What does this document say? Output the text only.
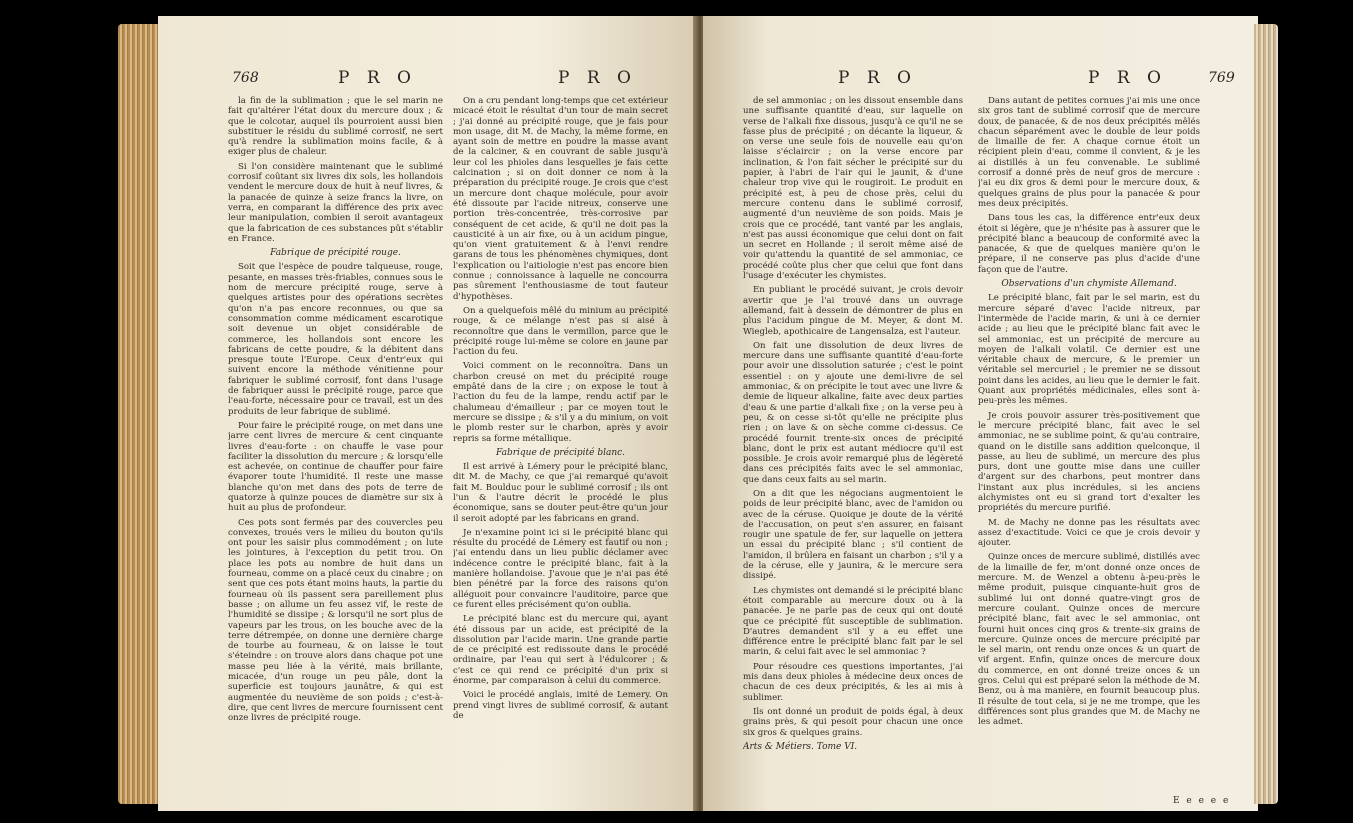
768	P R O	P R O

la fin de la sublimation ; que le sel marin ne fait qu'altérer l'état doux du mercure doux ; & que le colcotar, auquel ils pourroient aussi bien substituer le résidu du sublimé corrosif, ne sert qu'à rendre la sublimation moins facile, & à exiger plus de chaleur.

Si l'on considère maintenant que le sublimé corrosif coûtant six livres dix sols, les hollandois vendent le mercure doux de huit à neuf livres, & la panacée de quinze à seize francs la livre, on verra, en comparant la différence des prix avec leur manipulation, combien il seroit avantageux que la fabrication de ces substances pût s'établir en France.

Fabrique de précipité rouge.

Soit que l'espèce de poudre talqueuse, rouge, pesante, en masses très-friables, connues sous le nom de mercure précipité rouge, serve à quelques artistes pour des opérations secrètes qu'on n'a pas encore reconnues, ou que sa consommation comme médicament escarotique soit devenue un objet considérable de commerce, les hollandois sont encore les fabricans de cette poudre, & la débitent dans presque toute l'Europe. Ceux d'entr'eux qui suivent encore la méthode vénitienne pour fabriquer le sublimé corrosif, font dans l'usage de fabriquer aussi le précipité rouge, parce que l'eau-forte, nécessaire pour ce travail, est un des produits de leur fabrique de sublimé.

Pour faire le précipité rouge, on met dans une jarre cent livres de mercure & cent cinquante livres d'eau-forte : on chauffe le vase pour faciliter la dissolution du mercure ; & lorsqu'elle est achevée, on continue de chauffer pour faire évaporer toute l'humidité. Il reste une masse blanche qu'on met dans des pots de terre de quatorze à quinze pouces de diamètre sur six à huit au plus de profondeur.

Ces pots sont fermés par des couvercles peu convexes, troués vers le milieu du bouton qu'ils ont pour les saisir plus commodément ; on lute les jointures, à l'exception du petit trou. On place les pots au nombre de huit dans un fourneau, comme on a placé ceux du cinabre ; on sent que ces pots étant moins hauts, la partie du fourneau où ils passent sera pareillement plus basse ; on allume un feu assez vif, le reste de l'humidité se dissipe ; & lorsqu'il ne sort plus de vapeurs par les trous, on les bouche avec de la terre détrempée, on donne une dernière charge de tourbe au fourneau, & on laisse le tout s'éteindre : on trouve alors dans chaque pot une masse peu liée à la vérité, mais brillante, micacée, d'un rouge un peu pâle, dont la superficie est toujours jaunâtre, & qui est augmentée du neuvième de son poids ; c'est-à-dire, que cent livres de mercure fournissent cent onze livres de précipité rouge.

On a cru pendant long-temps que cet extérieur micacé étoit le résultat d'un tour de main secret ; j'ai donné au précipité rouge, que je fais pour mon usage, dit M. de Machy, la même forme, en ayant soin de mettre en poudre la masse avant de la calciner, & en couvrant de sable jusqu'à leur col les phioles dans lesquelles je fais cette calcination ; si on doit donner ce nom à la préparation du précipité rouge. Je crois que c'est un mercure dont chaque molécule, pour avoir été dissoute par l'acide nitreux, conserve une portion très-concentrée, très-corrosive par conséquent de cet acide, & qu'il ne doit pas la causticité à un air fixe, ou à un acidum pingue, qu'on vient gratuitement & à l'envi rendre garans de tous les phénomènes chymiques, dont l'explication ou l'aitiologie n'est pas encore bien connue ; connoissance à laquelle ne concourra pas sûrement l'enthousiasme de tout fauteur d'hypothèses.

On a quelquefois mêlé du minium au précipité rouge, & ce mélange n'est pas si aisé à reconnoître que dans le vermillon, parce que le précipité rouge lui-même se colore en jaune par l'action du feu.

Voici comment on le reconnoîtra. Dans un charbon creusé on met du précipité rouge empâté dans de la cire ; on expose le tout à l'action du feu de la lampe, rendu actif par le chalumeau d'émailleur ; par ce moyen tout le mercure se dissipe ; & s'il y a du minium, on voit le plomb rester sur le charbon, après y avoir repris sa forme métallique.

Fabrique de précipité blanc.

Il est arrivé à Lémery pour le précipité blanc, dit M. de Machy, ce que j'ai remarqué qu'avoit fait M. Boulduc pour le sublimé corrosif ; ils ont l'un & l'autre décrit le procédé le plus économique, sans se douter peut-être qu'un jour il seroit adopté par les fabricans en grand.

Je n'examine point ici si le précipité blanc qui résulte du procédé de Lémery est fautif ou non ; j'ai entendu dans un lieu public déclamer avec indécence contre le précipité blanc, fait à la manière hollandoise. J'avoue que je n'ai pas été bien pénétré par la force des raisons qu'on alléguoit pour convaincre l'auditoire, parce que ce furent elles précisément qu'on oublia.

Le précipité blanc est du mercure qui, ayant été dissous par un acide, est précipité de la dissolution par l'acide marin. Une grande partie de ce précipité est redissoute dans le procédé ordinaire, par l'eau qui sert à l'édulcorer ; & c'est ce qui rend ce précipité d'un prix si énorme, par comparaison à celui du commerce.

Voici le procédé anglais, imité de Lemery. On prend vingt livres de sublimé corrosif, & autant de

P R O	P R O	769

de sel ammoniac ; on les dissout ensemble dans une suffisante quantité d'eau, sur laquelle on verse de l'alkali fixe dissous, jusqu'à ce qu'il ne se fasse plus de précipité ; on décante la liqueur, & on verse une seule fois de nouvelle eau qu'on laisse s'éclaircir ; on la verse encore par inclination, & l'on fait sécher le précipité sur du papier, à l'abri de l'air qui le jaunit, & d'une chaleur trop vive qui le rougiroit. Le produit en précipité est, à peu de chose près, celui du mercure contenu dans le sublimé corrosif, augmenté d'un neuvième de son poids. Mais je crois que ce procédé, tant vanté par les anglais, n'est pas aussi économique que celui dont on fait un secret en Hollande ; il seroit même aisé de voir qu'attendu la quantité de sel ammoniac, ce procédé coûte plus cher que celui que font dans l'usage d'exécuter les chymistes.

En publiant le procédé suivant, je crois devoir avertir que je l'ai trouvé dans un ouvrage allemand, fait à dessein de démontrer de plus en plus l'acidum pingue de M. Meyer, & dont M. Wiegleb, apothicaire de Langensalza, est l'auteur.

On fait une dissolution de deux livres de mercure dans une suffisante quantité d'eau-forte pour avoir une dissolution saturée ; c'est le point essentiel : on y ajoute une demi-livre de sel ammoniac, & on précipite le tout avec une livre & demie de liqueur alkaline, faite avec deux parties d'eau & une partie d'alkali fixe ; on la verse peu à peu, & on cesse si-tôt qu'elle ne précipite plus rien ; on lave & on sèche comme ci-dessus. Ce procédé fournit trente-six onces de précipité blanc, dont le prix est autant médiocre qu'il est possible. Je crois avoir remarqué plus de légèreté dans ces précipités faits avec le sel ammoniac, que dans ceux faits au sel marin.

On a dit que les négocians augmentoient le poids de leur précipité blanc, avec de l'amidon ou avec de la céruse. Quoique je doute de la vérité de l'accusation, on peut s'en assurer, en faisant rougir une spatule de fer, sur laquelle on jettera un essai du précipité blanc ; s'il contient de l'amidon, il brûlera en faisant un charbon ; s'il y a de la céruse, elle y jaunira, & le mercure sera dissipé.

Les chymistes ont demandé si le précipité blanc étoit comparable au mercure doux ou à la panacée. Je ne parle pas de ceux qui ont douté que ce précipité fût susceptible de sublimation. D'autres demandent s'il y a eu effet une différence entre le précipité blanc fait par le sel marin, & celui fait avec le sel ammoniac ?

Pour résoudre ces questions importantes, j'ai mis dans deux phioles à médecine deux onces de chacun de ces deux précipités, & les ai mis à sublimer.

Ils ont donné un produit de poids égal, à deux grains près, & qui pesoit pour chacun une once six gros & quelques grains.

Arts & Métiers. Tome VI.

Dans autant de petites cornues j'ai mis une once six gros tant de sublimé corrosif que de mercure doux, de panacée, & de nos deux précipités mêlés chacun séparément avec le double de leur poids de limaille de fer. A chaque cornue étoit un récipient plein d'eau, comme il convient, & je les ai distillés à un feu convenable. Le sublimé corrosif a donné près de neuf gros de mercure : j'ai eu dix gros & demi pour le mercure doux, & quelques grains de plus pour la panacée & pour mes deux précipités.

Dans tous les cas, la différence entr'eux deux étoit si légère, que je n'hésite pas à assurer que le précipité blanc a beaucoup de conformité avec la panacée, & que de quelques manière qu'on le prépare, il ne conserve pas plus d'acide d'une façon que de l'autre.

Observations d'un chymiste Allemand.

Le précipité blanc, fait par le sel marin, est du mercure séparé d'avec l'acide nitreux, par l'intermède de l'acide marin, & uni à ce dernier acide ; au lieu que le précipité blanc fait avec le sel ammoniac, est un précipité de mercure au moyen de l'alkali volatil. Ce dernier est une véritable chaux de mercure, & le premier un véritable sel mercuriel ; le premier ne se dissout point dans les acides, au lieu que le dernier le fait. Quant aux propriétés médicinales, elles sont à-peu-près les mêmes.

Je crois pouvoir assurer très-positivement que le mercure précipité blanc, fait avec le sel ammoniac, ne se sublime point, & qu'au contraire, quand on le distille sans addition quelconque, il passe, au lieu de sublimé, un mercure des plus purs, dont une goutte mise dans une cuiller d'argent sur des charbons, peut montrer dans l'instant aux plus incrédules, si les anciens alchymistes ont eu si grand tort d'exalter les propriétés du mercure purifié.

M. de Machy ne donne pas les résultats avec assez d'exactitude. Voici ce que je crois devoir y ajouter.

Quinze onces de mercure sublimé, distillés avec de la limaille de fer, m'ont donné onze onces de mercure. M. de Wenzel a obtenu à-peu-près le même produit, puisque cinquante-huit gros de sublimé lui ont donné quatre-vingt gros de mercure coulant. Quinze onces de mercure précipité blanc, fait avec le sel ammoniac, ont fourni huit onces cinq gros & trente-six grains de mercure. Quinze onces de mercure précipité par le sel marin, ont rendu onze onces & un quart de vif argent. Enfin, quinze onces de mercure doux du commerce, en ont donné treize onces & un gros. Celui qui est préparé selon la méthode de M. Benz, ou à ma manière, en fournit beaucoup plus. Il résulte de tout cela, si je ne me trompe, que les différences sont plus grandes que M. de Machy ne les admet.

E e e e e
